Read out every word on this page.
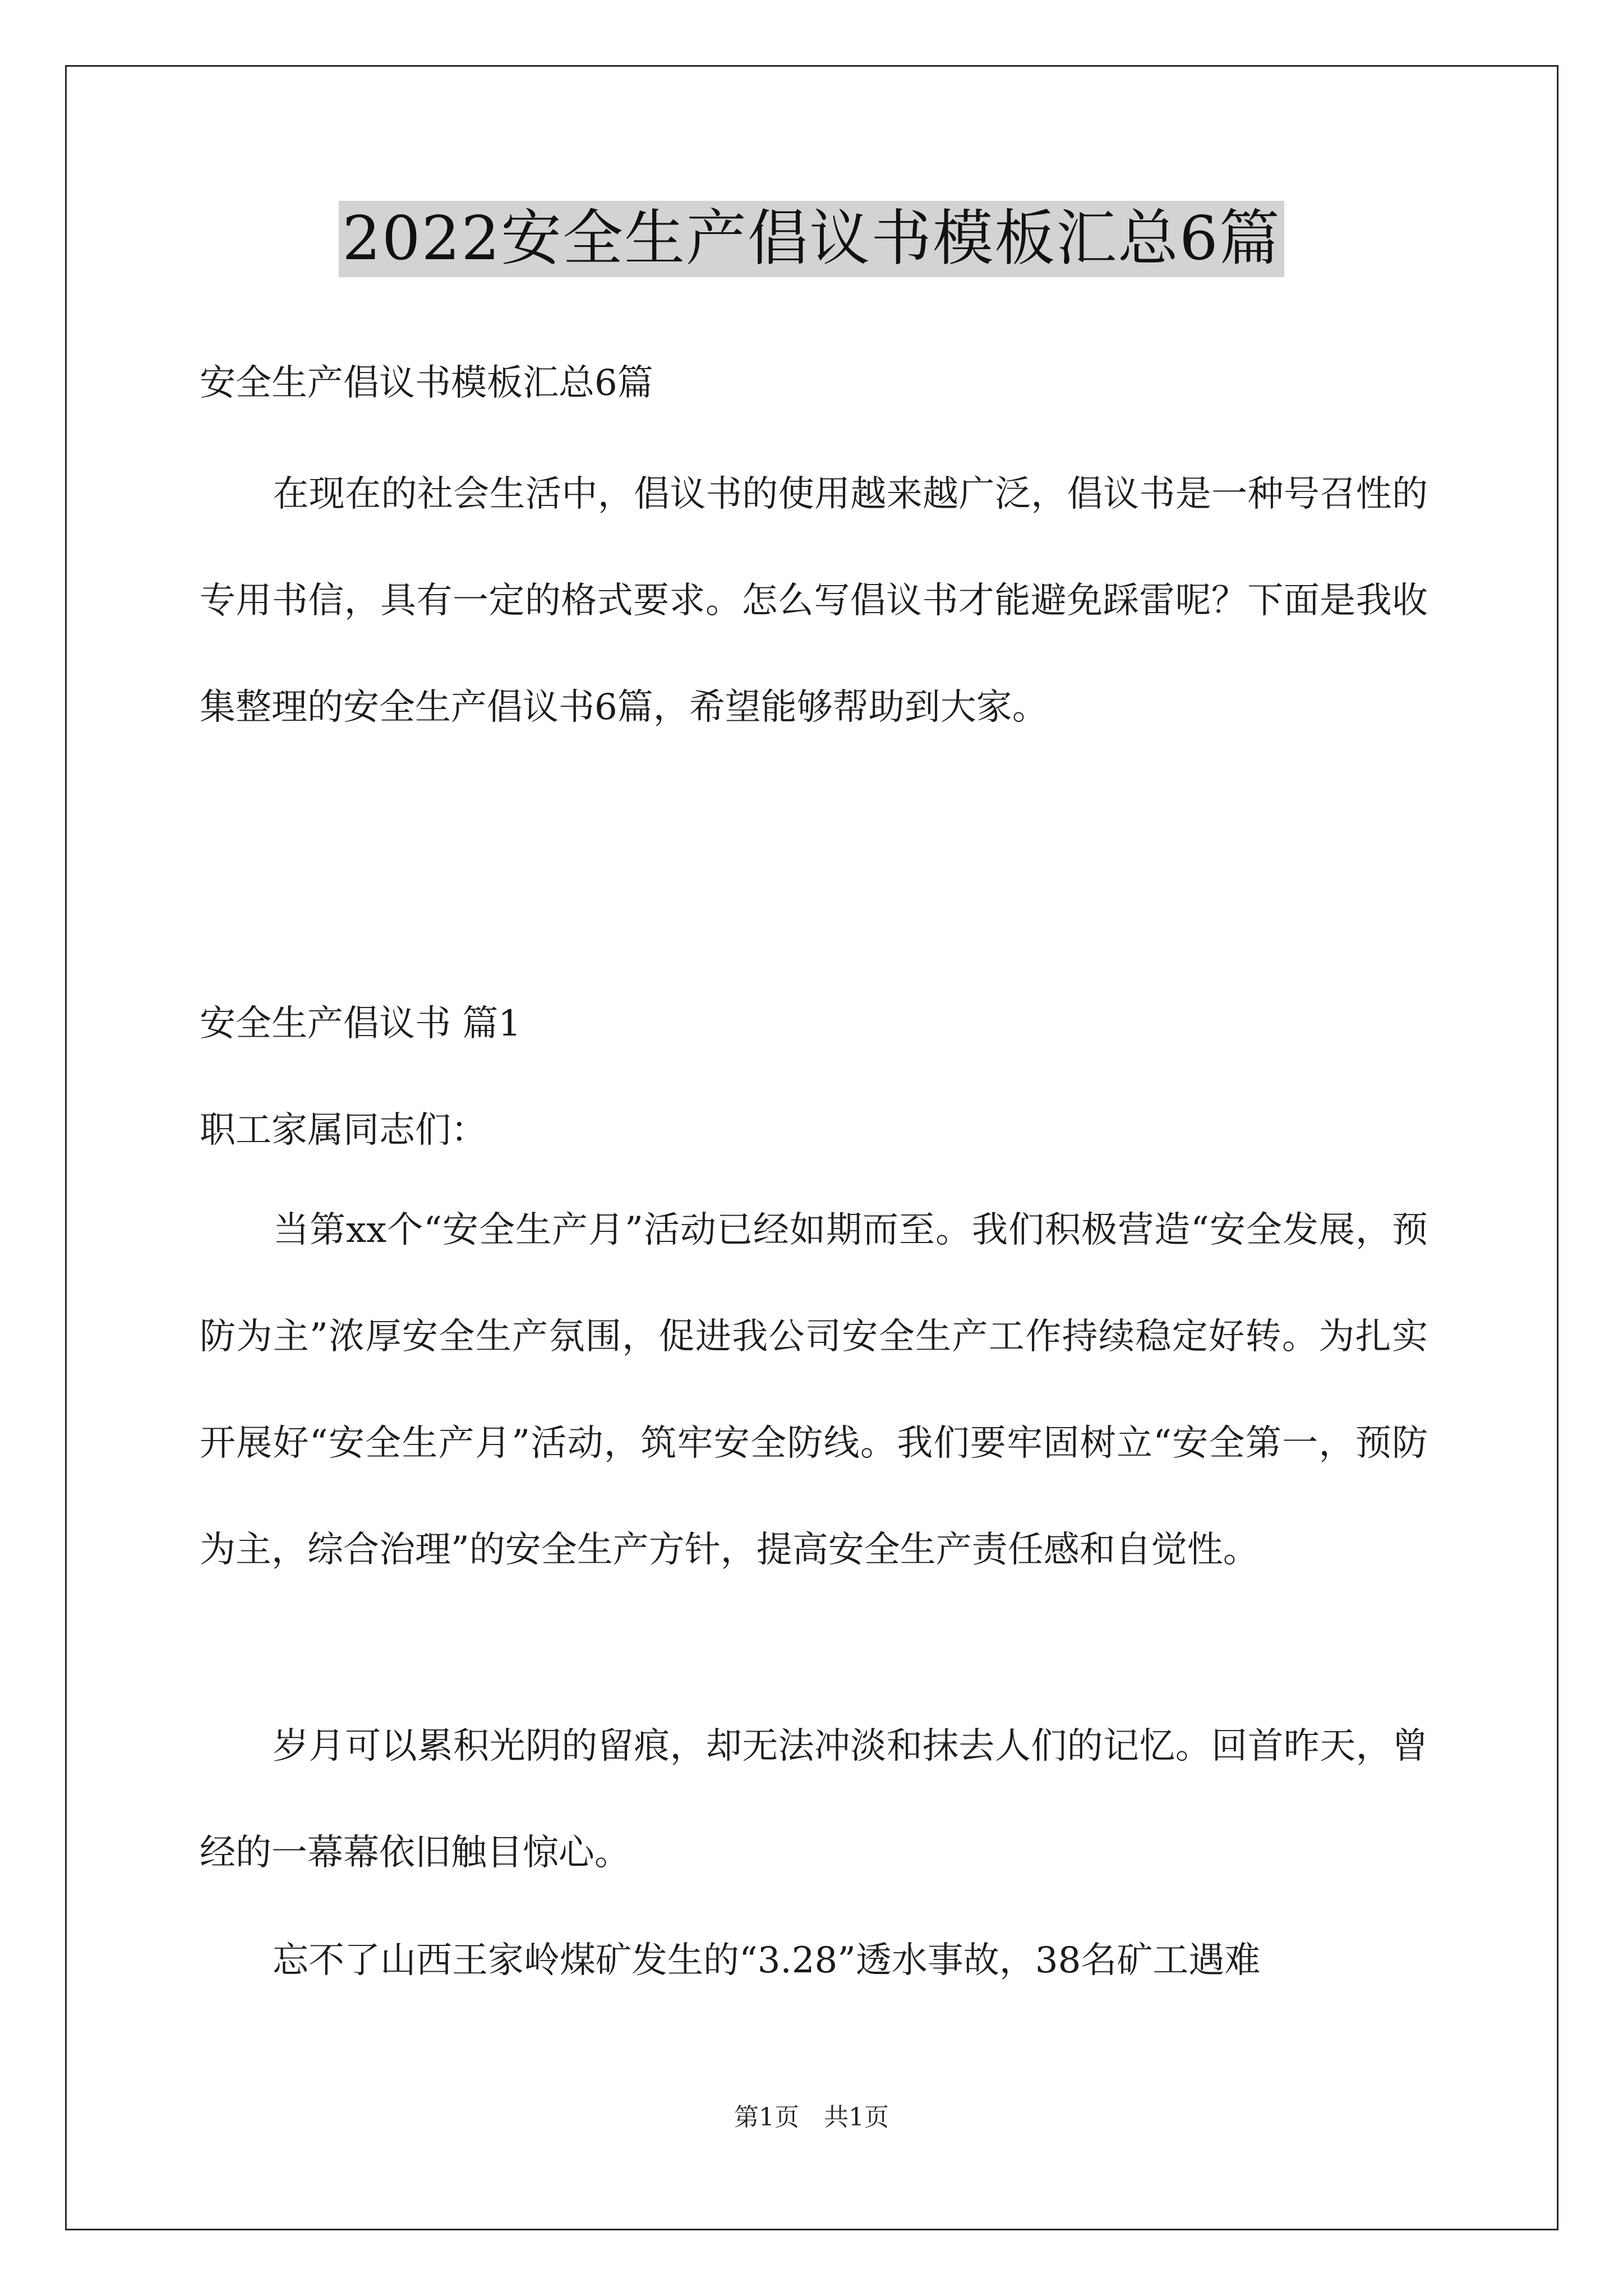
2022安全生产倡议书模板汇总6篇
安全生产倡议书模板汇总6篇
在现在的社会生活中，倡议书的使用越来越广泛，倡议书是一种号召性的专用书信，具有一定的格式要求。怎么写倡议书才能避免踩雷呢？下面是我收集整理的安全生产倡议书6篇，希望能够帮助到大家。
安全生产倡议书 篇1
职工家属同志们：
当第xx个“安全生产月”活动已经如期而至。我们积极营造“安全发展，预防为主”浓厚安全生产氛围，促进我公司安全生产工作持续稳定好转。为扎实开展好“安全生产月”活动，筑牢安全防线。我们要牢固树立“安全第一，预防为主，综合治理”的安全生产方针，提高安全生产责任感和自觉性。
岁月可以累积光阴的留痕，却无法冲淡和抹去人们的记忆。回首昨天，曾经的一幕幕依旧触目惊心。
忘不了山西王家岭煤矿发生的“3.28”透水事故，38名矿工遇难
第1页　共1页
